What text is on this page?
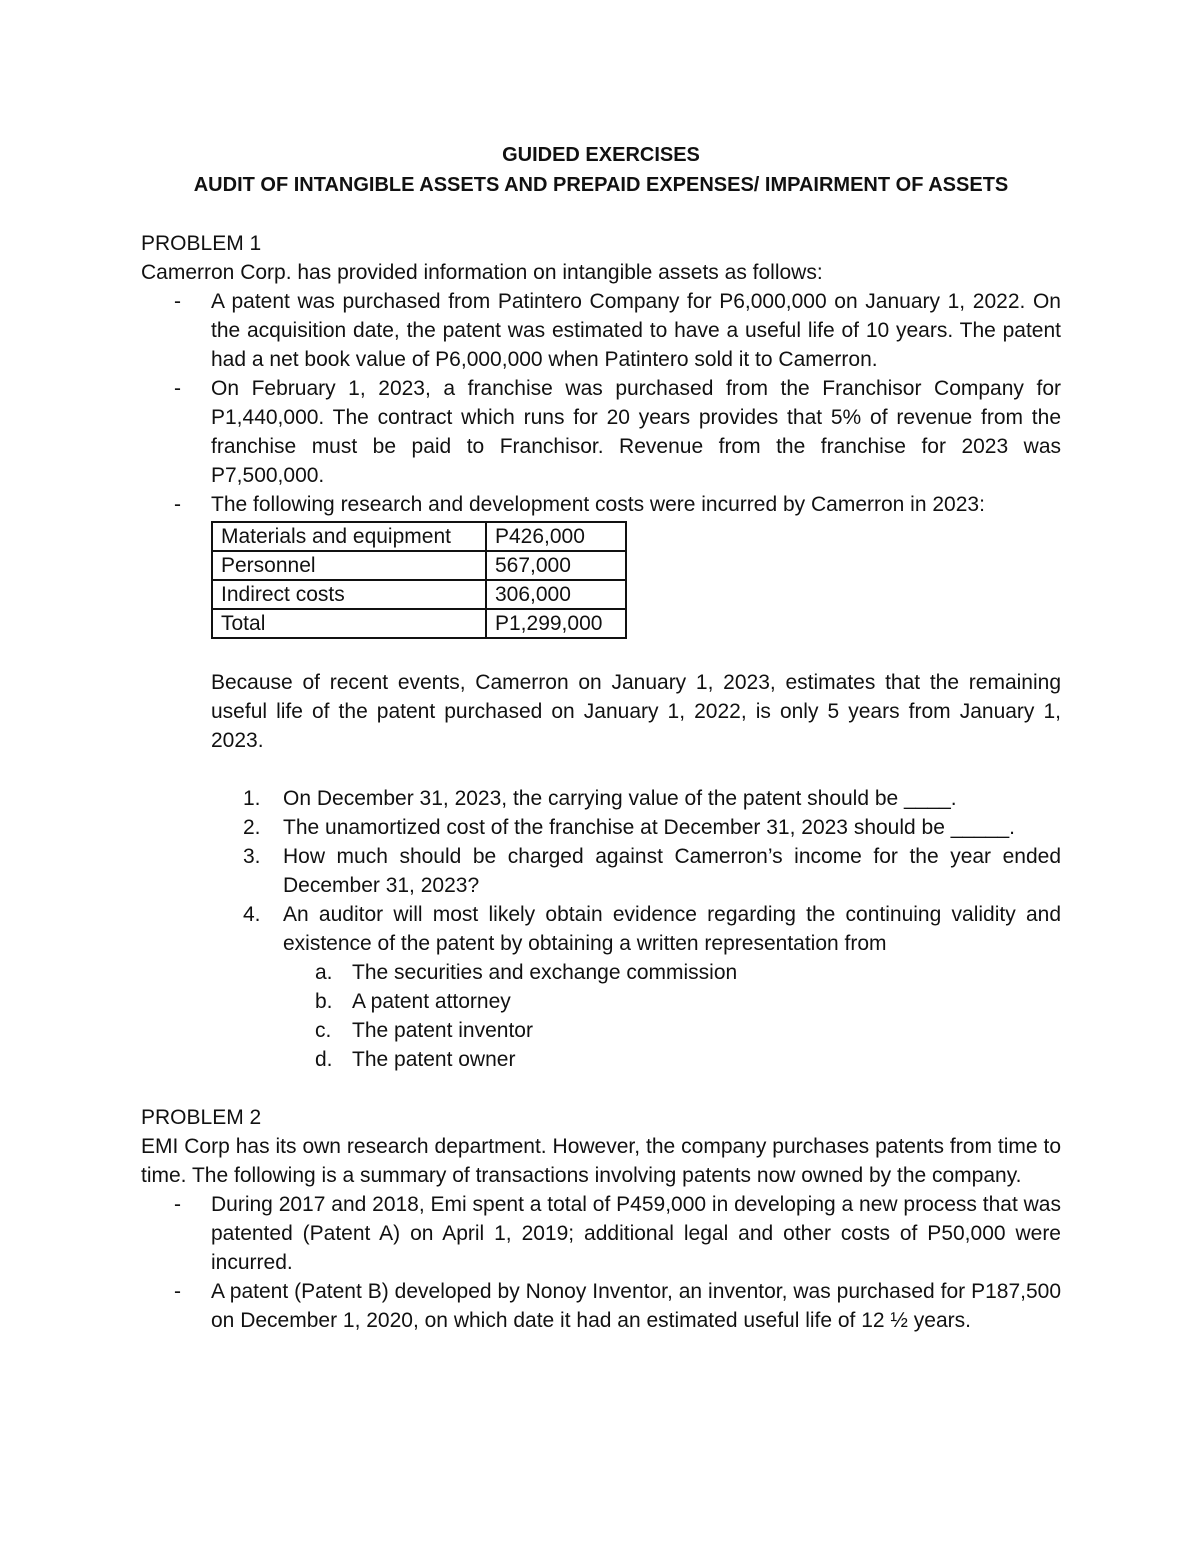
GUIDED EXERCISES
AUDIT OF INTANGIBLE ASSETS AND PREPAID EXPENSES/ IMPAIRMENT OF ASSETS

PROBLEM 1

Camerron Corp. has provided information on intangible assets as follows:

- A patent was purchased from Patintero Company for P6,000,000 on January 1, 2022. On the acquisition date, the patent was estimated to have a useful life of 10 years. The patent had a net book value of P6,000,000 when Patintero sold it to Camerron.
- On February 1, 2023, a franchise was purchased from the Franchisor Company for P1,440,000. The contract which runs for 20 years provides that 5% of revenue from the franchise must be paid to Franchisor. Revenue from the franchise for 2023 was P7,500,000.
- The following research and development costs were incurred by Camerron in 2023:
Materials and equipment	P426,000
Personnel	567,000
Indirect costs	306,000
Total	P1,299,000

Because of recent events, Camerron on January 1, 2023, estimates that the remaining useful life of the patent purchased on January 1, 2022, is only 5 years from January 1, 2023.

1. On December 31, 2023, the carrying value of the patent should be ____.
2. The unamortized cost of the franchise at December 31, 2023 should be _____.
3. How much should be charged against Camerron’s income for the year ended December 31, 2023?
4. An auditor will most likely obtain evidence regarding the continuing validity and existence of the patent by obtaining a written representation from
a. The securities and exchange commission
b. A patent attorney
c. The patent inventor
d. The patent owner

PROBLEM 2

EMI Corp has its own research department. However, the company purchases patents from time to time. The following is a summary of transactions involving patents now owned by the company.

- During 2017 and 2018, Emi spent a total of P459,000 in developing a new process that was patented (Patent A) on April 1, 2019; additional legal and other costs of P50,000 were incurred.
- A patent (Patent B) developed by Nonoy Inventor, an inventor, was purchased for P187,500 on December 1, 2020, on which date it had an estimated useful life of 12 ½ years.
